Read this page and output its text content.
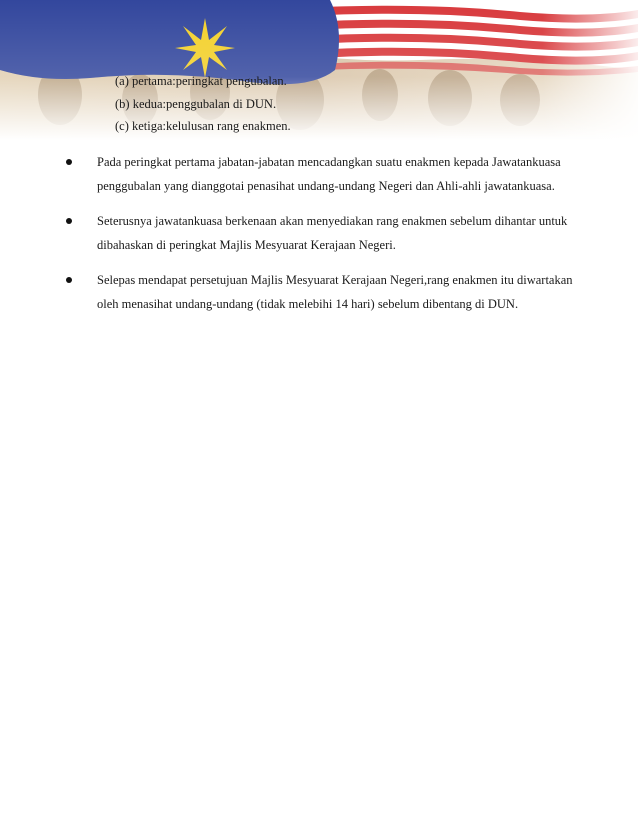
(a) pertama:peringkat pengubalan.
(b) kedua:penggubalan di DUN.
(c) ketiga:kelulusan rang enakmen.
Pada peringkat pertama jabatan-jabatan mencadangkan suatu enakmen kepada Jawatankuasa penggubalan yang dianggotai penasihat undang-undang Negeri dan Ahli-ahli jawatankuasa.
Seterusnya jawatankuasa berkenaan akan menyediakan rang enakmen sebelum dihantar untuk dibahaskan di peringkat Majlis Mesyuarat Kerajaan Negeri.
Selepas mendapat persetujuan Majlis Mesyuarat Kerajaan Negeri,rang enakmen itu diwartakan oleh menasihat undang-undang (tidak melebihi 14 hari) sebelum dibentang di DUN.
